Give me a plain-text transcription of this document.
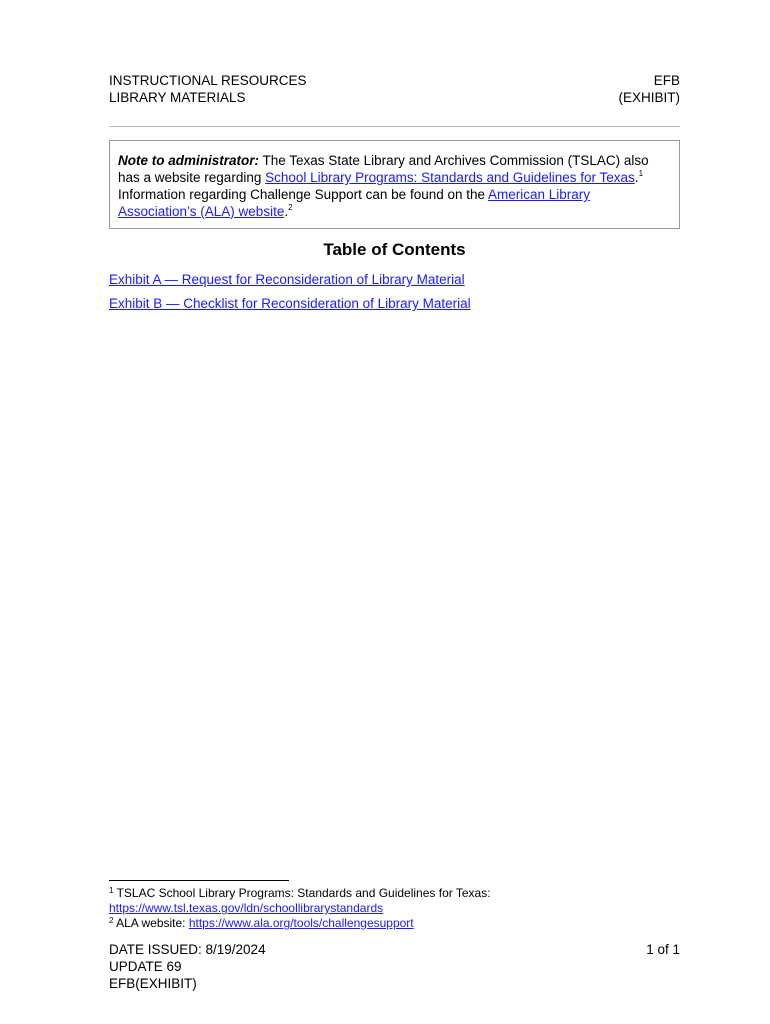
INSTRUCTIONAL RESOURCES
LIBRARY MATERIALS
EFB
(EXHIBIT)
Note to administrator: The Texas State Library and Archives Commission (TSLAC) also has a website regarding School Library Programs: Standards and Guidelines for Texas.$^1$ Information regarding Challenge Support can be found on the American Library Association’s (ALA) website.$^2$
Table of Contents
Exhibit A — Request for Reconsideration of Library Material
Exhibit B — Checklist for Reconsideration of Library Material
$^1$ TSLAC School Library Programs: Standards and Guidelines for Texas:
https://www.tsl.texas.gov/ldn/schoollibrarystandards
$^2$ ALA website: https://www.ala.org/tools/challengesupport
DATE ISSUED: 8/19/2024
UPDATE 69
EFB(EXHIBIT)
1 of 1
